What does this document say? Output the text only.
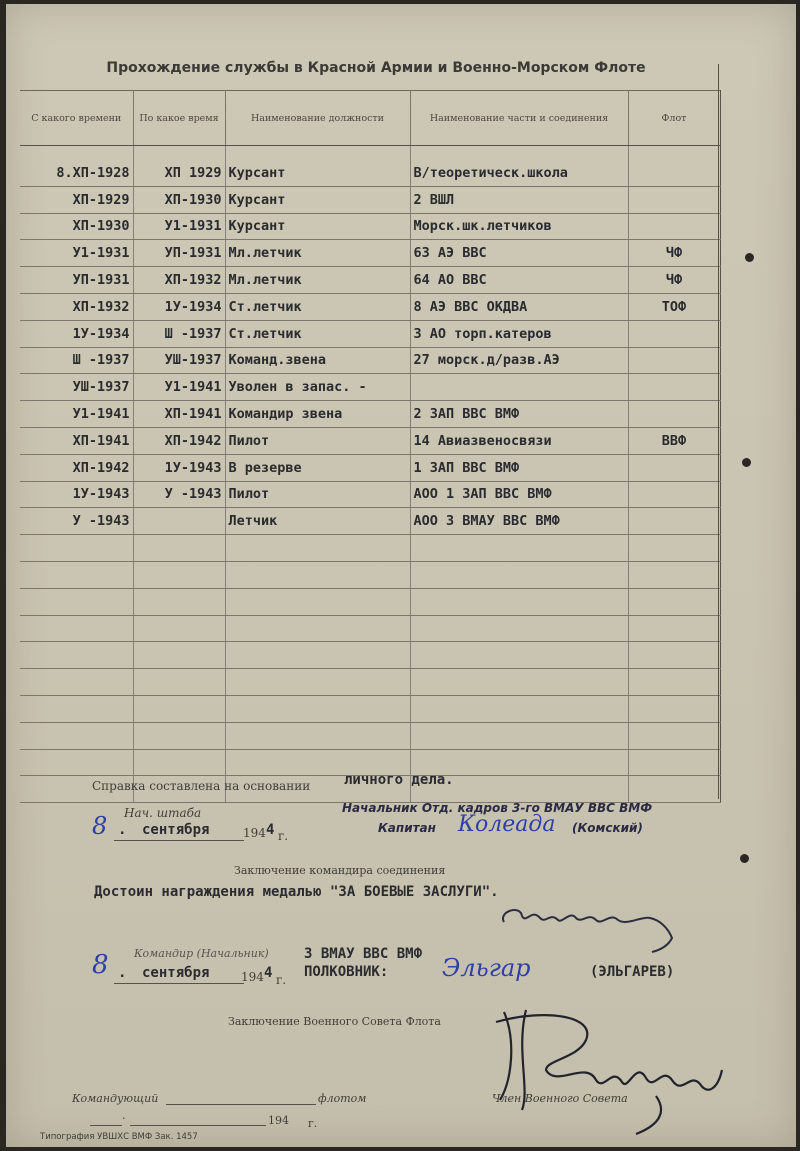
Прохождение службы в Красной Армии и Военно-Морском Флоте
С какого времени	По какое время	Наименование должности	Наименование части и соединения	Флот

8.XП-1928	XП 1929	Курсант	В/теоретическ.школа	
XП-1929	XП-1930	Курсант	2 ВШЛ	
XП-1930	У1-1931	Курсант	Морск.шк.летчиков	
У1-1931	УП-1931	Мл.летчик	63 АЭ ВВС	ЧФ
УП-1931	XП-1932	Мл.летчик	64 АО ВВС	ЧФ
XП-1932	1У-1934	Ст.летчик	8 АЭ ВВС ОКДВА	ТОФ
1У-1934	Ш -1937	Ст.летчик	3 АО торп.катеров	
Ш -1937	УШ-1937	Команд.звена	27 морск.д/разв.АЭ	
УШ-1937	У1-1941	Уволен в запас. -		
У1-1941	XП-1941	Командир звена	2 ЗАП ВВС ВМФ	
XП-1941	XП-1942	Пилот	14 Авиазвеносвязи	ВВФ
XП-1942	1У-1943	В резерве	1 ЗАП ВВС ВМФ	
1У-1943	У -1943	Пилот	АОО 1 ЗАП ВВС ВМФ	
У -1943		Летчик	АОО 3 ВМАУ ВВС ВМФ	

Справка составлена на основании личного дела.
Нач. штаба	Начальник Отд. кадров 3-го ВМАУ ВВС ВМФ
Капитан Колеада (Комский)
8 . сентября	194 4 г.
Заключение командира соединения
Достоин награждения медалью "ЗА БОЕВЫЕ ЗАСЛУГИ".
8 Командир (Начальник)	3 ВМАУ ВВС ВМФ
. сентября	194 4 г. ПОЛКОВНИК: Эльгар	(ЭЛЬГАРЕВ)
Заключение Военного Совета Флота
Командующий	флотом	Член Военного Совета
.	194 г.
Типография УВШХС ВМФ Зак. 1457
